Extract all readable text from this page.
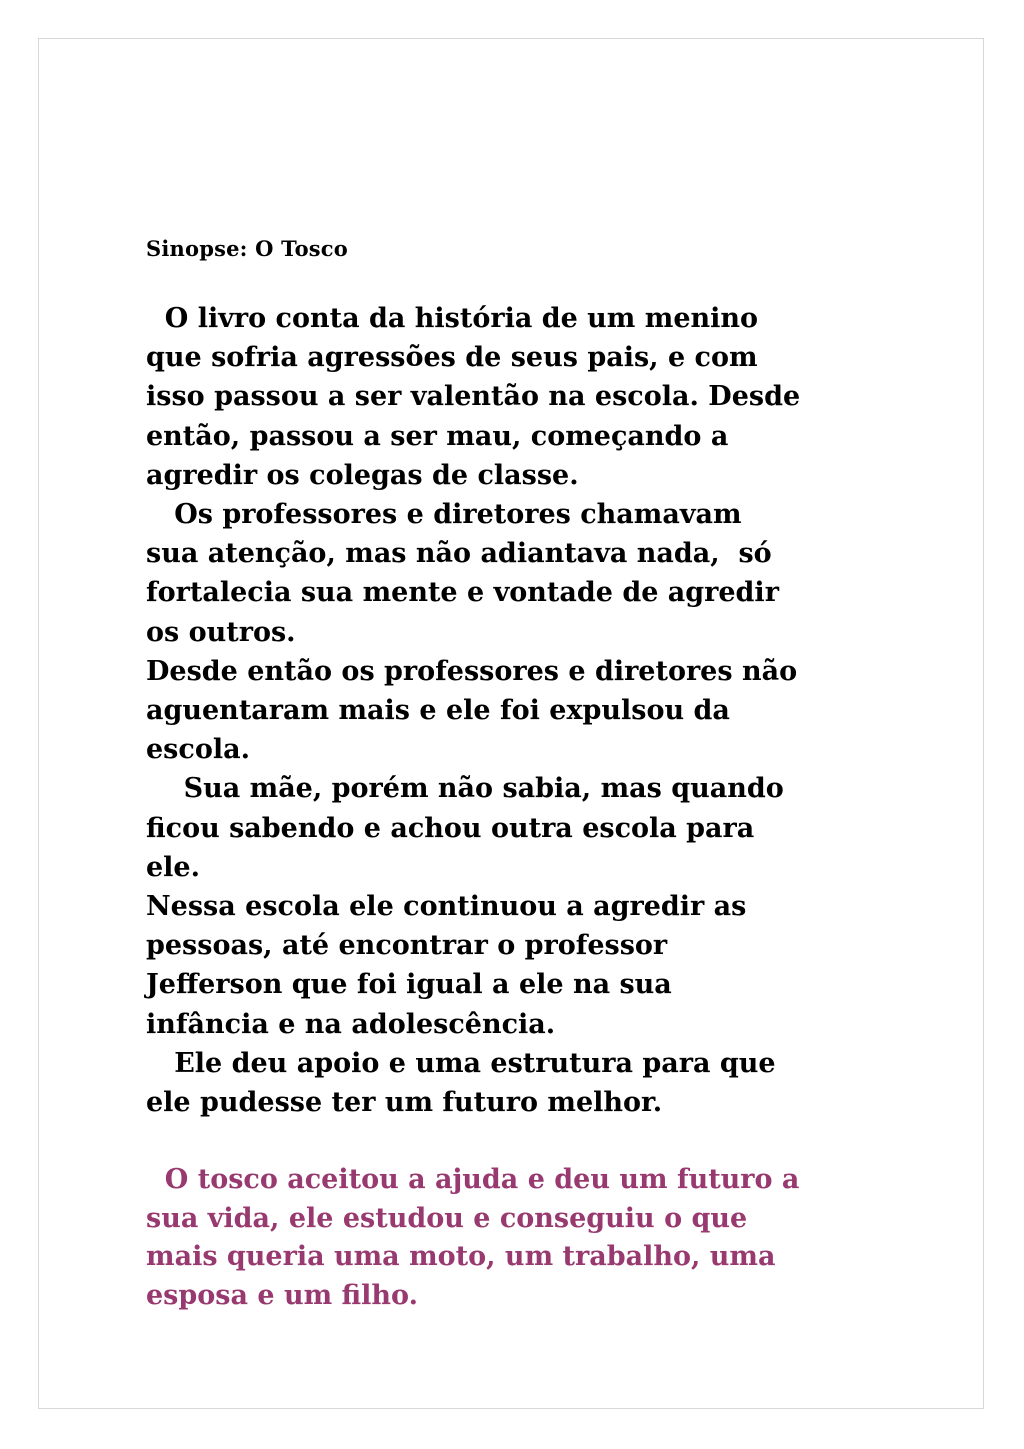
Sinopse: O Tosco
O livro conta da história de um menino
que sofria agressões de seus pais, e com
isso passou a ser valentão na escola. Desde
então, passou a ser mau, começando a
agredir os colegas de classe.
Os professores e diretores chamavam
sua atenção, mas não adiantava nada,  só
fortalecia sua mente e vontade de agredir
os outros.
Desde então os professores e diretores não
aguentaram mais e ele foi expulsou da
escola.
Sua mãe, porém não sabia, mas quando
ficou sabendo e achou outra escola para
ele.
Nessa escola ele continuou a agredir as
pessoas, até encontrar o professor
Jefferson que foi igual a ele na sua
infância e na adolescência.
Ele deu apoio e uma estrutura para que
ele pudesse ter um futuro melhor.
O tosco aceitou a ajuda e deu um futuro a
sua vida, ele estudou e conseguiu o que
mais queria uma moto, um trabalho, uma
esposa e um filho.
